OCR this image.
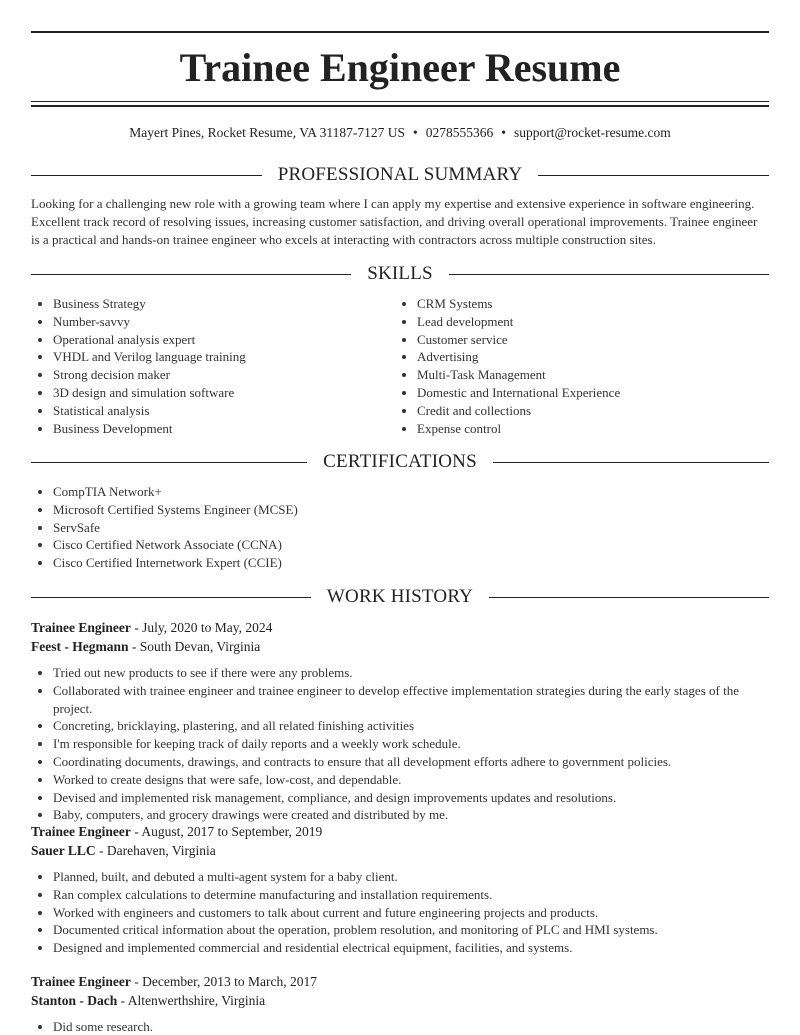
Trainee Engineer Resume
Mayert Pines, Rocket Resume, VA 31187-7127 US • 0278555366 • support@rocket-resume.com
PROFESSIONAL SUMMARY

Looking for a challenging new role with a growing team where I can apply my expertise and extensive experience in software engineering. Excellent track record of resolving issues, increasing customer satisfaction, and driving overall operational improvements. Trainee engineer is a practical and hands-on trainee engineer who excels at interacting with contractors across multiple construction sites.

SKILLS
Business Strategy
Number-savvy
Operational analysis expert
VHDL and Verilog language training
Strong decision maker
3D design and simulation software
Statistical analysis
Business Development
CRM Systems
Lead development
Customer service
Advertising
Multi-Task Management
Domestic and International Experience
Credit and collections
Expense control
CERTIFICATIONS
CompTIA Network+
Microsoft Certified Systems Engineer (MCSE)
ServSafe
Cisco Certified Network Associate (CCNA)
Cisco Certified Internetwork Expert (CCIE)
WORK HISTORY
Trainee Engineer - July, 2020 to May, 2024
Feest - Hegmann - South Devan, Virginia
Tried out new products to see if there were any problems.
Collaborated with trainee engineer and trainee engineer to develop effective implementation strategies during the early stages of the project.
Concreting, bricklaying, plastering, and all related finishing activities
I'm responsible for keeping track of daily reports and a weekly work schedule.
Coordinating documents, drawings, and contracts to ensure that all development efforts adhere to government policies.
Worked to create designs that were safe, low-cost, and dependable.
Devised and implemented risk management, compliance, and design improvements updates and resolutions.
Baby, computers, and grocery drawings were created and distributed by me.
Trainee Engineer - August, 2017 to September, 2019
Sauer LLC - Darehaven, Virginia
Planned, built, and debuted a multi-agent system for a baby client.
Ran complex calculations to determine manufacturing and installation requirements.
Worked with engineers and customers to talk about current and future engineering projects and products.
Documented critical information about the operation, problem resolution, and monitoring of PLC and HMI systems.
Designed and implemented commercial and residential electrical equipment, facilities, and systems.
Trainee Engineer - December, 2013 to March, 2017
Stanton - Dach - Altenwerthshire, Virginia
Did some research.
